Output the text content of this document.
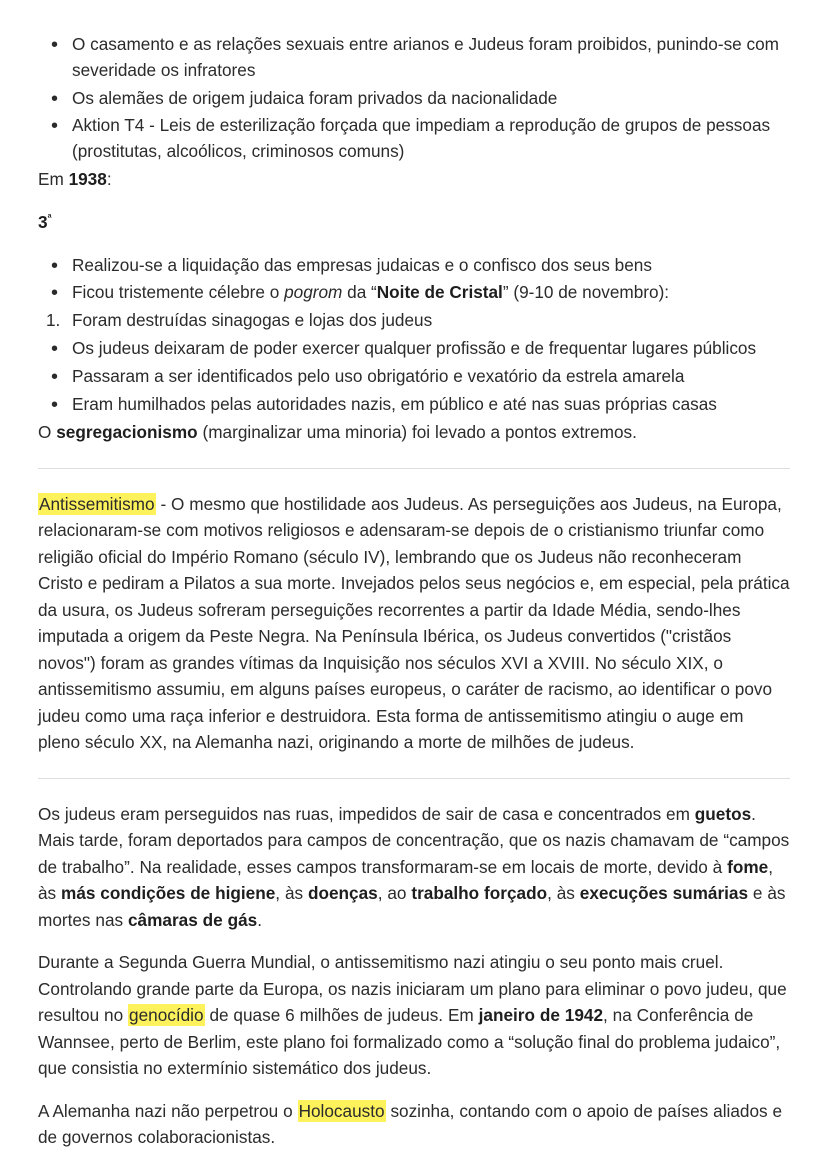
• O casamento e as relações sexuais entre arianos e Judeus foram proibidos, punindo-se com severidade os infratores
• Os alemães de origem judaica foram privados da nacionalidade
• Aktion T4 - Leis de esterilização forçada que impediam a reprodução de grupos de pessoas (prostitutas, alcoólicos, criminosos comuns)

Em 1938:

$3^ª$

• Realizou-se a liquidação das empresas judaicas e o confisco dos seus bens
• Ficou tristemente célebre o pogrom da “Noite de Cristal” (9-10 de novembro):
1. Foram destruídas sinagogas e lojas dos judeus
• Os judeus deixaram de poder exercer qualquer profissão e de frequentar lugares públicos
• Passaram a ser identificados pelo uso obrigatório e vexatório da estrela amarela
• Eram humilhados pelas autoridades nazis, em público e até nas suas próprias casas

O segregacionismo (marginalizar uma minoria) foi levado a pontos extremos.

Antissemitismo - O mesmo que hostilidade aos Judeus. As perseguições aos Judeus, na Europa, relacionaram-se com motivos religiosos e adensaram-se depois de o cristianismo triunfar como religião oficial do Império Romano (século IV), lembrando que os Judeus não reconheceram Cristo e pediram a Pilatos a sua morte. Invejados pelos seus negócios e, em especial, pela prática da usura, os Judeus sofreram perseguições recorrentes a partir da Idade Média, sendo-lhes imputada a origem da Peste Negra. Na Península Ibérica, os Judeus convertidos ("cristãos novos") foram as grandes vítimas da Inquisição nos séculos XVI a XVIII. No século XIX, o antissemitismo assumiu, em alguns países europeus, o caráter de racismo, ao identificar o povo judeu como uma raça inferior e destruidora. Esta forma de antissemitismo atingiu o auge em pleno século XX, na Alemanha nazi, originando a morte de milhões de judeus.

Os judeus eram perseguidos nas ruas, impedidos de sair de casa e concentrados em guetos. Mais tarde, foram deportados para campos de concentração, que os nazis chamavam de “campos de trabalho”. Na realidade, esses campos transformaram-se em locais de morte, devido à fome, às más condições de higiene, às doenças, ao trabalho forçado, às execuções sumárias e às mortes nas câmaras de gás.

Durante a Segunda Guerra Mundial, o antissemitismo nazi atingiu o seu ponto mais cruel. Controlando grande parte da Europa, os nazis iniciaram um plano para eliminar o povo judeu, que resultou no genocídio de quase 6 milhões de judeus. Em janeiro de 1942, na Conferência de Wannsee, perto de Berlim, este plano foi formalizado como a “solução final do problema judaico”, que consistia no extermínio sistemático dos judeus.

A Alemanha nazi não perpetrou o Holocausto sozinha, contando com o apoio de países aliados e de governos colaboracionistas.
